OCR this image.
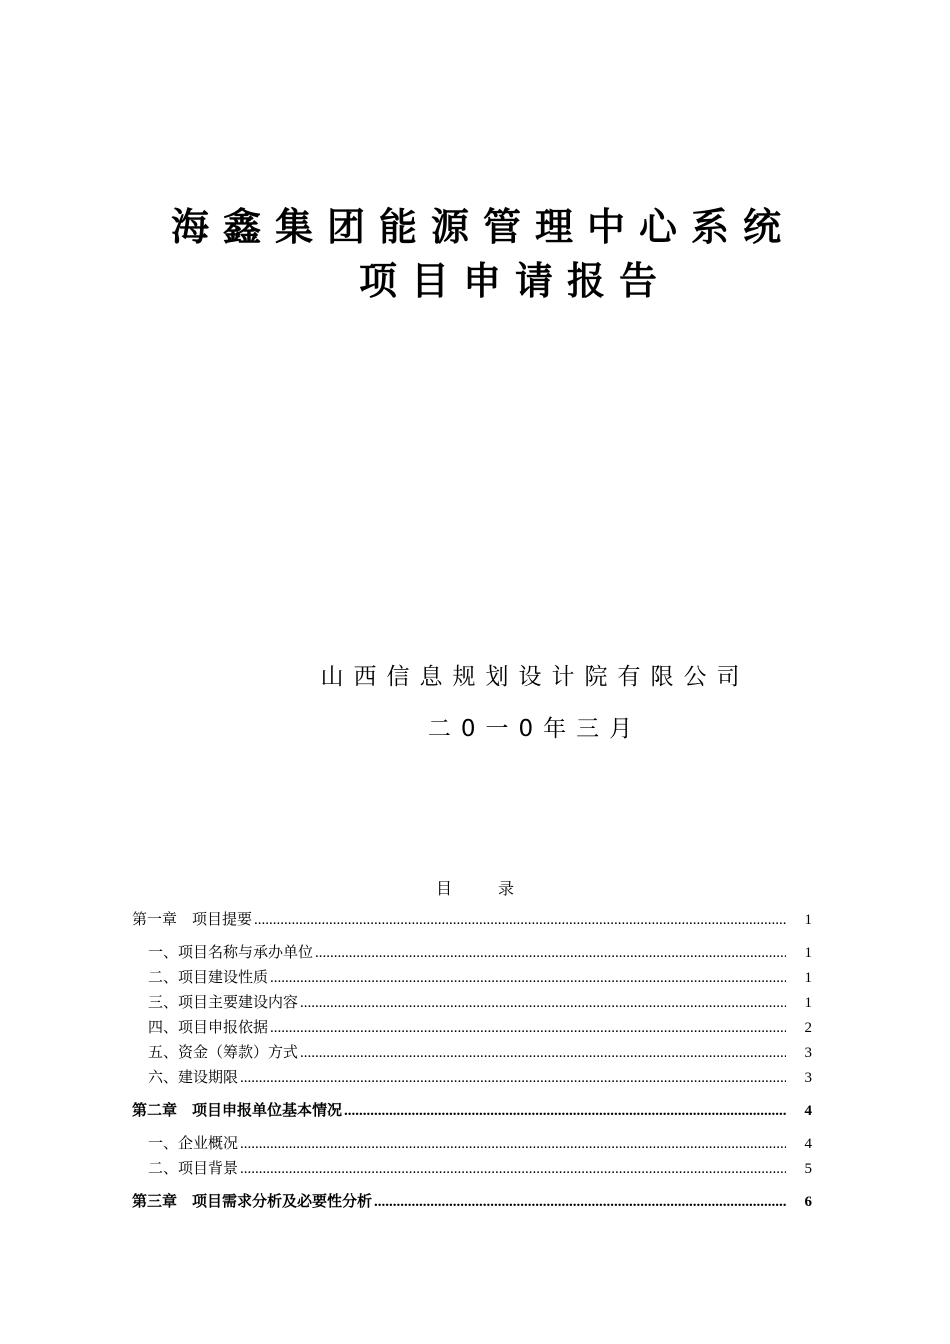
海鑫集团能源管理中心系统
项目申请报告
山西信息规划设计院有限公司
二0一0年三月
目	录
第一章　项目提要 .....	1
一、项目名称与承办单位 .....	1
二、项目建设性质 .....	1
三、项目主要建设内容 .....	1
四、项目申报依据 .....	2
五、资金（筹款）方式 .....	3
六、建设期限 .....	3
第二章　项目申报单位基本情况 .....	4
一、企业概况 .....	4
二、项目背景 .....	5
第三章　项目需求分析及必要性分析 .....	6
